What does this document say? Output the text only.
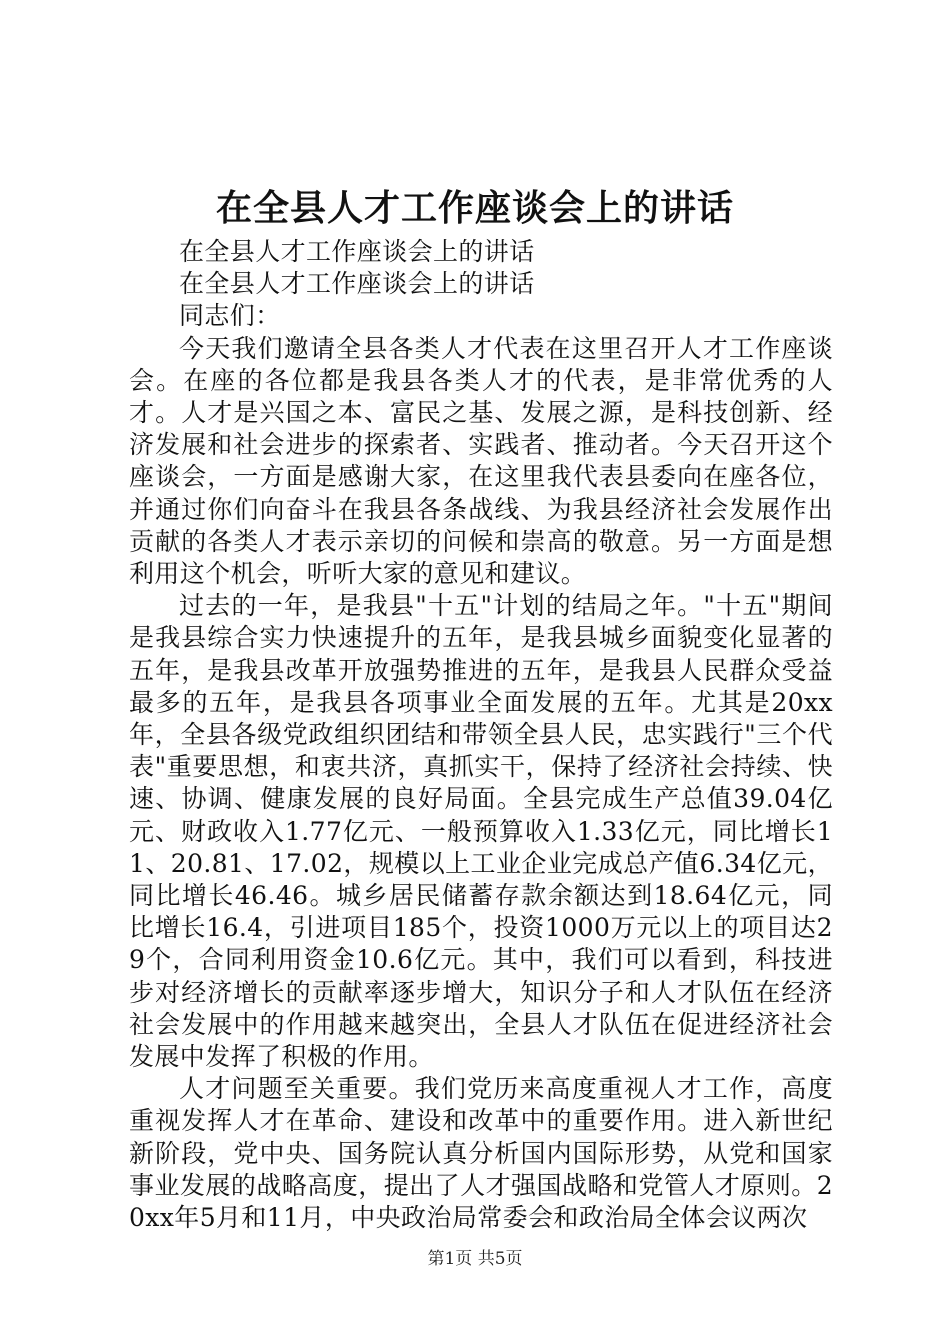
在全县人才工作座谈会上的讲话

在全县人才工作座谈会上的讲话

在全县人才工作座谈会上的讲话

同志们：

今天我们邀请全县各类人才代表在这里召开人才工作座谈会。在座的各位都是我县各类人才的代表，是非常优秀的人才。人才是兴国之本、富民之基、发展之源，是科技创新、经济发展和社会进步的探索者、实践者、推动者。今天召开这个座谈会，一方面是感谢大家，在这里我代表县委向在座各位，并通过你们向奋斗在我县各条战线、为我县经济社会发展作出贡献的各类人才表示亲切的问候和崇高的敬意。另一方面是想利用这个机会，听听大家的意见和建议。

过去的一年，是我县"十五"计划的结局之年。"十五"期间是我县综合实力快速提升的五年，是我县城乡面貌变化显著的五年，是我县改革开放强势推进的五年，是我县人民群众受益最多的五年，是我县各项事业全面发展的五年。尤其是20xx年，全县各级党政组织团结和带领全县人民，忠实践行"三个代表"重要思想，和衷共济，真抓实干，保持了经济社会持续、快速、协调、健康发展的良好局面。全县完成生产总值39.04亿元、财政收入1.77亿元、一般预算收入1.33亿元，同比增长11、20.81、17.02，规模以上工业企业完成总产值6.34亿元，同比增长46.46。城乡居民储蓄存款余额达到18.64亿元，同比增长16.4，引进项目185个，投资1000万元以上的项目达29个，合同利用资金10.6亿元。其中，我们可以看到，科技进步对经济增长的贡献率逐步增大，知识分子和人才队伍在经济社会发展中的作用越来越突出，全县人才队伍在促进经济社会发展中发挥了积极的作用。

人才问题至关重要。我们党历来高度重视人才工作，高度重视发挥人才在革命、建设和改革中的重要作用。进入新世纪新阶段，党中央、国务院认真分析国内国际形势，从党和国家事业发展的战略高度，提出了人才强国战略和党管人才原则。20xx年5月和11月，中央政治局常委会和政治局全体会议两次

第1页 共5页
